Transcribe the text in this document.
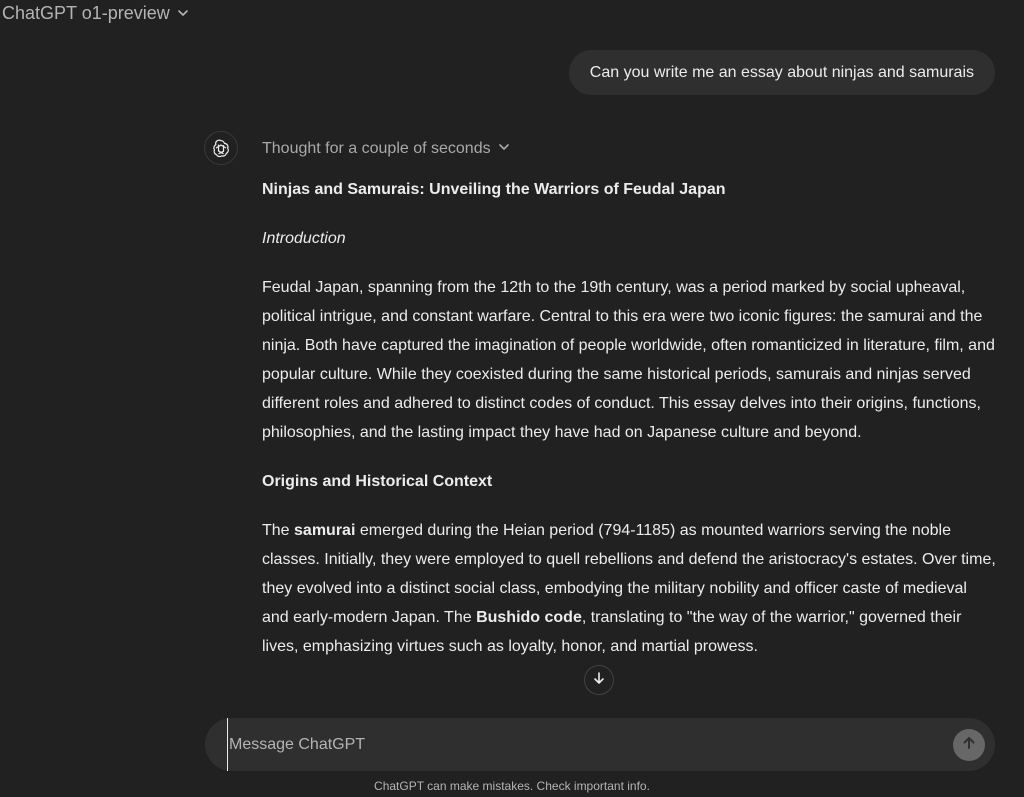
ChatGPT o1-preview
Can you write me an essay about ninjas and samurais
Thought for a couple of seconds

Ninjas and Samurais: Unveiling the Warriors of Feudal Japan

Introduction

Feudal Japan, spanning from the 12th to the 19th century, was a period marked by social upheaval, political intrigue, and constant warfare. Central to this era were two iconic figures: the samurai and the ninja. Both have captured the imagination of people worldwide, often romanticized in literature, film, and popular culture. While they coexisted during the same historical periods, samurais and ninjas served different roles and adhered to distinct codes of conduct. This essay delves into their origins, functions, philosophies, and the lasting impact they have had on Japanese culture and beyond.

Origins and Historical Context

The samurai emerged during the Heian period (794-1185) as mounted warriors serving the noble classes. Initially, they were employed to quell rebellions and defend the aristocracy's estates. Over time, they evolved into a distinct social class, embodying the military nobility and officer caste of medieval and early-modern Japan. The Bushido code, translating to "the way of the warrior," governed their lives, emphasizing virtues such as loyalty, honor, and martial prowess.

Message ChatGPT
ChatGPT can make mistakes. Check important info.
